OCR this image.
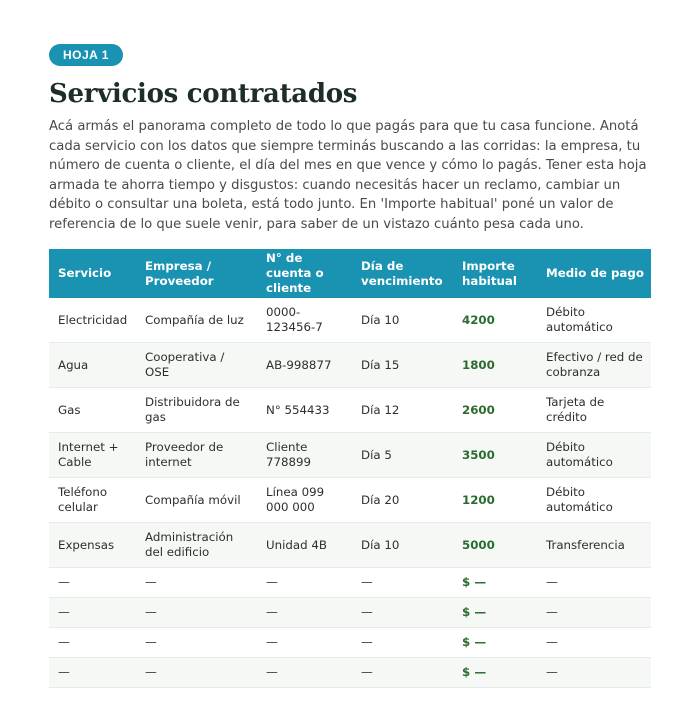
HOJA 1
Servicios contratados

Acá armás el panorama completo de todo lo que pagás para que tu casa funcione. Anotá cada servicio con los datos que siempre terminás buscando a las corridas: la empresa, tu número de cuenta o cliente, el día del mes en que vence y cómo lo pagás. Tener esta hoja armada te ahorra tiempo y disgustos: cuando necesitás hacer un reclamo, cambiar un débito o consultar una boleta, está todo junto. En 'Importe habitual' poné un valor de referencia de lo que suele venir, para saber de un vistazo cuánto pesa cada uno.

Servicio	Empresa / Proveedor	N° de cuenta o cliente	Día de vencimiento	Importe habitual	Medio de pago
Electricidad	Compañía de luz	0000-123456-7	Día 10	4200	Débito automático
Agua	Cooperativa / OSE	AB-998877	Día 15	1800	Efectivo / red de cobranza
Gas	Distribuidora de gas	N° 554433	Día 12	2600	Tarjeta de crédito
Internet + Cable	Proveedor de internet	Cliente 778899	Día 5	3500	Débito automático
Teléfono celular	Compañía móvil	Línea 099 000 000	Día 20	1200	Débito automático
Expensas	Administración del edificio	Unidad 4B	Día 10	5000	Transferencia
—	—	—	—	$ —	—
—	—	—	—	$ —	—
—	—	—	—	$ —	—
—	—	—	—	$ —	—
